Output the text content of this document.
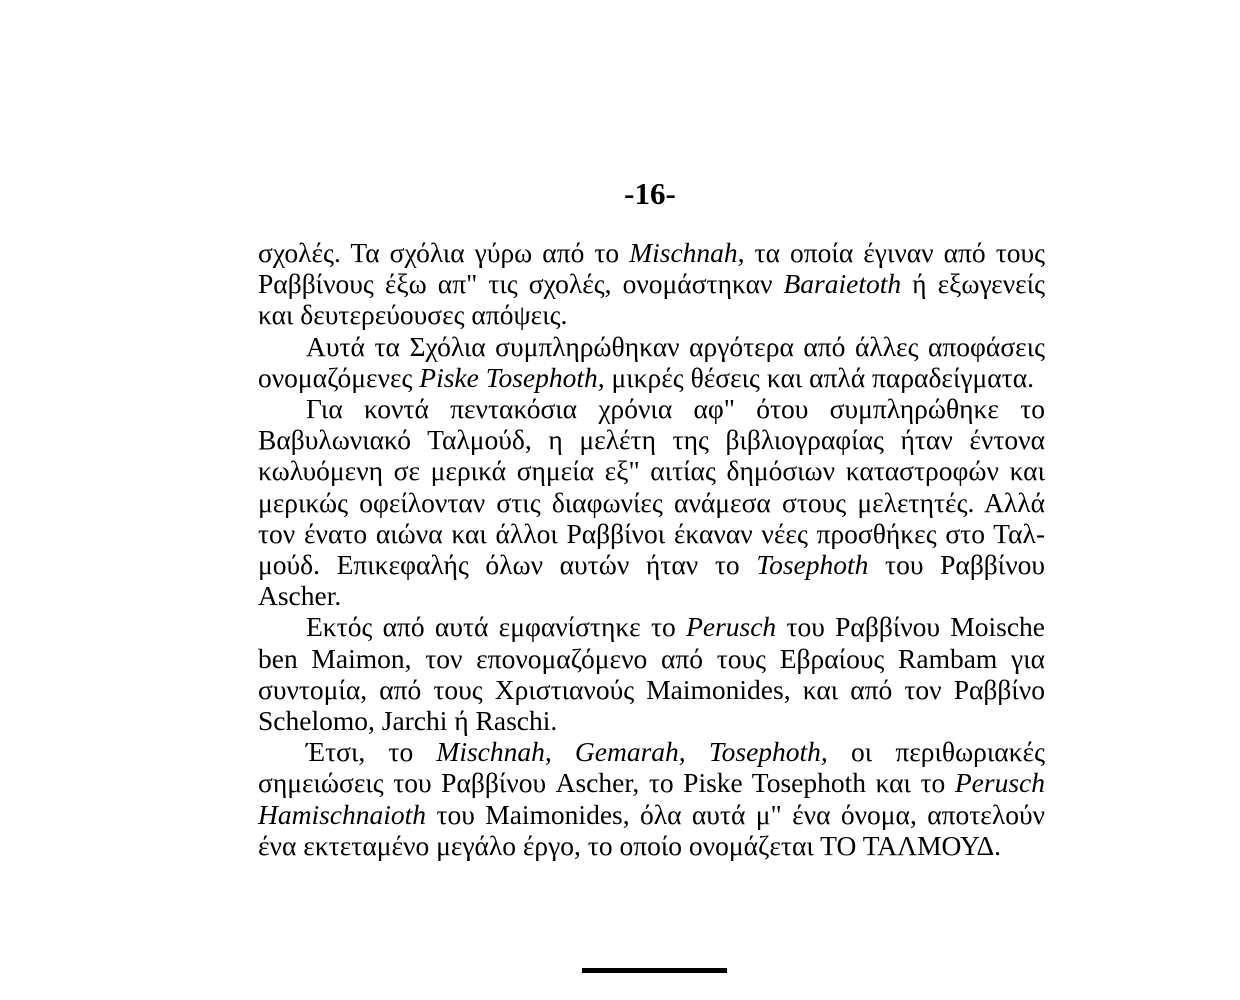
-16-

σχολές. Τα σχόλια γύρω από το Mischnah, τα οποία έγιναν από τους Ραββίνους έξω απ" τις σχολές, ονομάστηκαν Baraietoth ή εξωγενείς και δευτερεύουσες απόψεις.

Αυτά τα Σχόλια συμπληρώθηκαν αργότερα από άλλες αποφάσεις ονομαζόμενες Piske Tosephoth, μικρές θέσεις και απλά παραδείγματα.

Για κοντά πεντακόσια χρόνια αφ" ότου συμπληρώθηκε το Βαβυλωνιακό Ταλμούδ, η μελέτη της βιβλιογραφίας ήταν έντονα κωλυόμενη σε μερικά σημεία εξ" αιτίας δημόσιων καταστροφών και μερικώς οφείλονταν στις διαφωνίες ανάμεσα στους μελετητές. Αλλά τον ένατο αιώνα και άλλοι Ραββίνοι έκαναν νέες προσθήκες στο Ταλ-μούδ. Επικεφαλής όλων αυτών ήταν το Tosephoth του Ραββίνου Ascher.

Εκτός από αυτά εμφανίστηκε το Perusch του Ραββίνου Moische ben Maimon, τον επονομαζόμενο από τους Εβραίους Rambam για συντομία, από τους Χριστιανούς Maimonides, και από τον Ραββίνο Schelomo, Jarchi ή Raschi.

Έτσι, το Mischnah, Gemarah, Tosephoth, οι περιθωριακές σημειώσεις του Ραββίνου Ascher, το Piske Tosephoth και το Perusch Hamischnaioth του Maimonides, όλα αυτά μ" ένα όνομα, αποτελούν ένα εκτεταμένο μεγάλο έργο, το οποίο ονομάζεται ΤΟ ΤΑΛΜΟΥΔ.
